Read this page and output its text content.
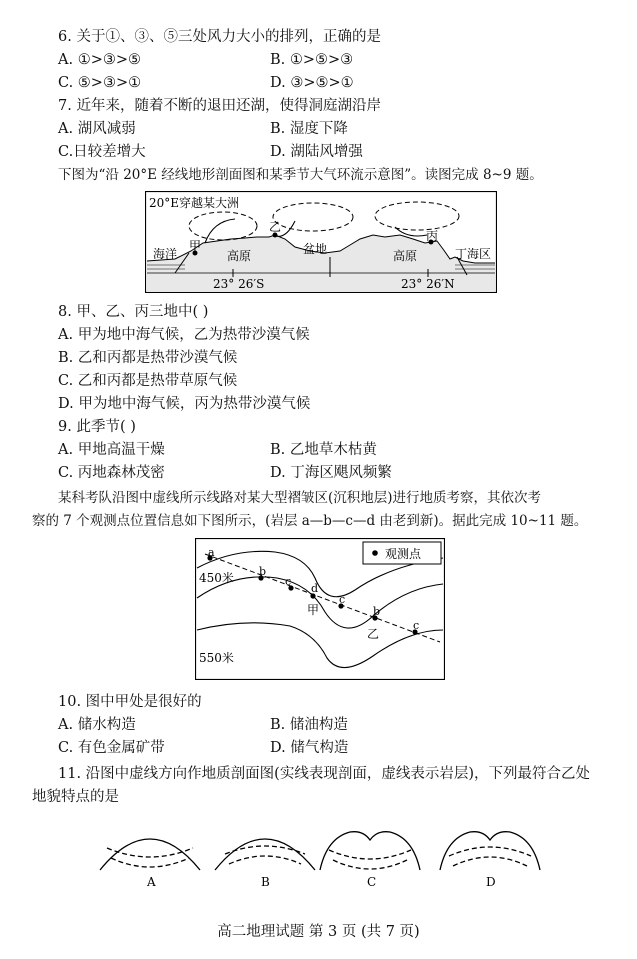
6. 关于①、③、⑤三处风力大小的排列，正确的是
A. ①>③>⑤	B. ①>⑤>③
C. ⑤>③>①	D. ③>⑤>①
7. 近年来，随着不断的退田还湖，使得洞庭湖沿岸
A. 湖风减弱	B. 湿度下降
C.日较差增大	D. 湖陆风增强
下图为“沿 20°E 经线地形剖面图和某季节大气环流示意图”。读图完成 8~9 题。
20°E穿越某大洲
海洋
甲
乙
丙
高原	盆地	高原	丁海区
23° 26′S	23° 26′N
8. 甲、乙、丙三地中( )
A. 甲为地中海气候，乙为热带沙漠气候
B. 乙和丙都是热带沙漠气候
C. 乙和丙都是热带草原气候
D. 甲为地中海气候，丙为热带沙漠气候
9. 此季节( )
A. 甲地高温干燥	B. 乙地草木枯黄
C. 丙地森林茂密	D. 丁海区飓风频繁
某科考队沿图中虚线所示线路对某大型褶皱区(沉积地层)进行地质考察，其依次考
察的 7 个观测点位置信息如下图所示，(岩层 a—b—c—d 由老到新)。据此完成 10~11 题。
a
b
c
d
c
b
c
甲
乙
450米
550米
观测点
10. 图中甲处是很好的
A. 储水构造	B. 储油构造
C. 有色金属矿带	D. 储气构造
11. 沿图中虚线方向作地质剖面图(实线表现剖面，虚线表示岩层)，下列最符合乙处
地貌特点的是
A	B	C	D
高二地理试题 第 3 页 (共 7 页)
